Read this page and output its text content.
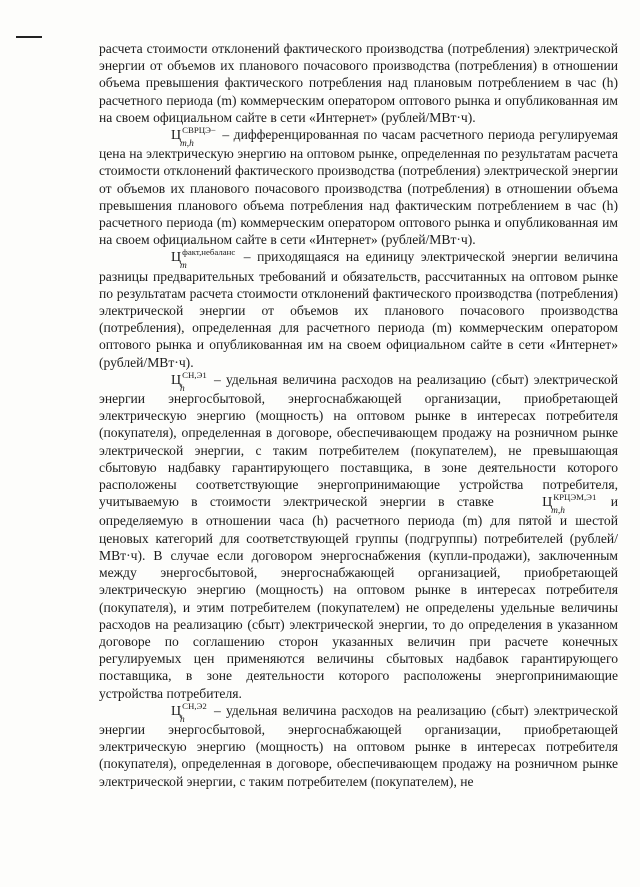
расчета стоимости отклонений фактического производства (потребления) электрической энергии от объемов их планового почасового производства (потребления) в отношении объема превышения фактического потребления над плановым потреблением в час (h) расчетного периода (m) коммерческим оператором оптового рынка и опубликованная им на своем официальном сайте в сети «Интернет» (рублей/МВт·ч).

$Ц^{СВРЦЭ-}$
m,h
– дифференцированная по часам расчетного периода регулируемая цена на электрическую энергию на оптовом рынке, определенная по результатам расчета стоимости отклонений фактического производства (потребления) электрической энергии от объемов их планового почасового производства (потребления) в отношении объема превышения планового объема потребления над фактическим потреблением в час (h) расчетного периода (m) коммерческим оператором оптового рынка и опубликованная им на своем официальном сайте в сети «Интернет» (рублей/МВт·ч).

$Ц^{факт,небаланс}$
m
– приходящаяся на единицу электрической энергии величина разницы предварительных требований и обязательств, рассчитанных на оптовом рынке по результатам расчета стоимости отклонений фактического производства (потребления) электрической энергии от объемов их планового почасового производства (потребления), определенная для расчетного периода (m) коммерческим оператором оптового рынка и опубликованная им на своем официальном сайте в сети «Интернет» (рублей/МВт·ч).

$Ц^{СН,Э1}$
h
– удельная величина расходов на реализацию (сбыт) электрической энергии энергосбытовой, энергоснабжающей организации, приобретающей электрическую энергию (мощность) на оптовом рынке в интересах потребителя (покупателя), определенная в договоре, обеспечивающем продажу на розничном рынке электрической энергии, с таким потребителем (покупателем), не превышающая сбытовую надбавку гарантирующего поставщика, в зоне деятельности которого расположены соответствующие энергопринимающие устройства потребителя, учитываемую в стоимости электрической энергии в ставке	$Ц^{КРЦЭМ,Э1}$
m,h
и определяемую в отношении часа (h) расчетного периода (m) для пятой и шестой ценовых категорий для соответствующей группы (подгруппы) потребителей (рублей/МВт·ч). В случае если договором энергоснабжения (купли-продажи), заключенным между энергосбытовой, энергоснабжающей организацией, приобретающей электрическую энергию (мощность) на оптовом рынке в интересах потребителя (покупателя), и этим потребителем (покупателем) не определены удельные величины расходов на реализацию (сбыт) электрической энергии, то до определения в указанном договоре по соглашению сторон указанных величин при расчете конечных регулируемых цен применяются величины сбытовых надбавок гарантирующего поставщика, в зоне деятельности которого расположены энергопринимающие устройства потребителя.

$Ц^{СН,Э2}$
h
– удельная величина расходов на реализацию (сбыт) электрической энергии энергосбытовой, энергоснабжающей организации, приобретающей электрическую энергию (мощность) на оптовом рынке в интересах потребителя (покупателя), определенная в договоре, обеспечивающем продажу на розничном рынке электрической энергии, с таким потребителем (покупателем), не
